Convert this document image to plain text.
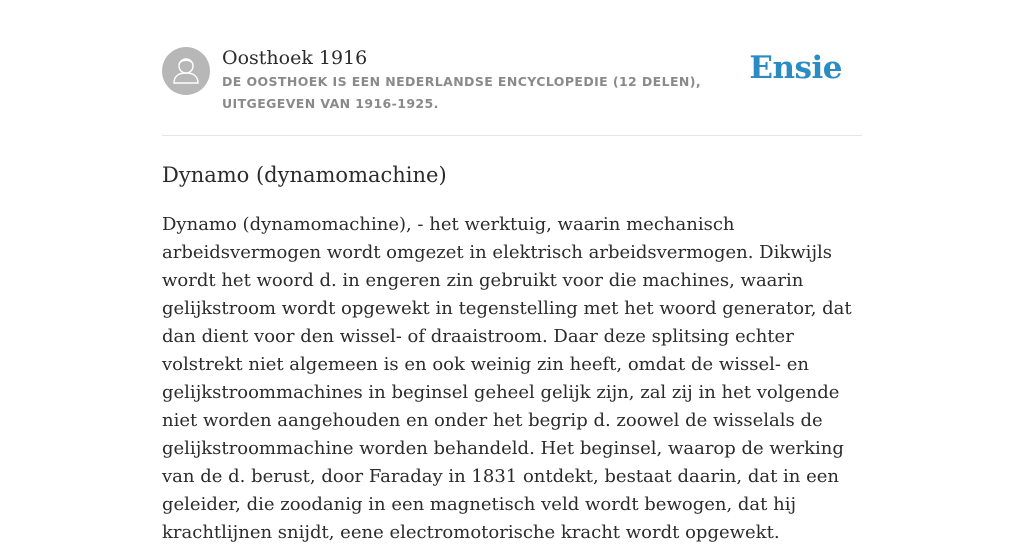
Oosthoek 1916

DE OOSTHOEK IS EEN NEDERLANDSE ENCYCLOPEDIE (12 DELEN), UITGEGEVEN VAN 1916-1925.

Ensie
Dynamo (dynamomachine)

Dynamo (dynamomachine), - het werktuig, waarin mechanisch arbeidsvermogen wordt omgezet in elektrisch arbeidsvermogen. Dikwijls wordt het woord d. in engeren zin gebruikt voor die machines, waarin gelijkstroom wordt opgewekt in tegenstelling met het woord generator, dat dan dient voor den wissel- of draaistroom. Daar deze splitsing echter volstrekt niet algemeen is en ook weinig zin heeft, omdat de wissel- en gelijkstroommachines in beginsel geheel gelijk zijn, zal zij in het volgende niet worden aangehouden en onder het begrip d. zoowel de wisselals de gelijkstroommachine worden behandeld. Het beginsel, waarop de werking van de d. berust, door Faraday in 1831 ontdekt, bestaat daarin, dat in een geleider, die zoodanig in een magnetisch veld wordt bewogen, dat hij krachtlijnen snijdt, eene electromotorische kracht wordt opgewekt.
